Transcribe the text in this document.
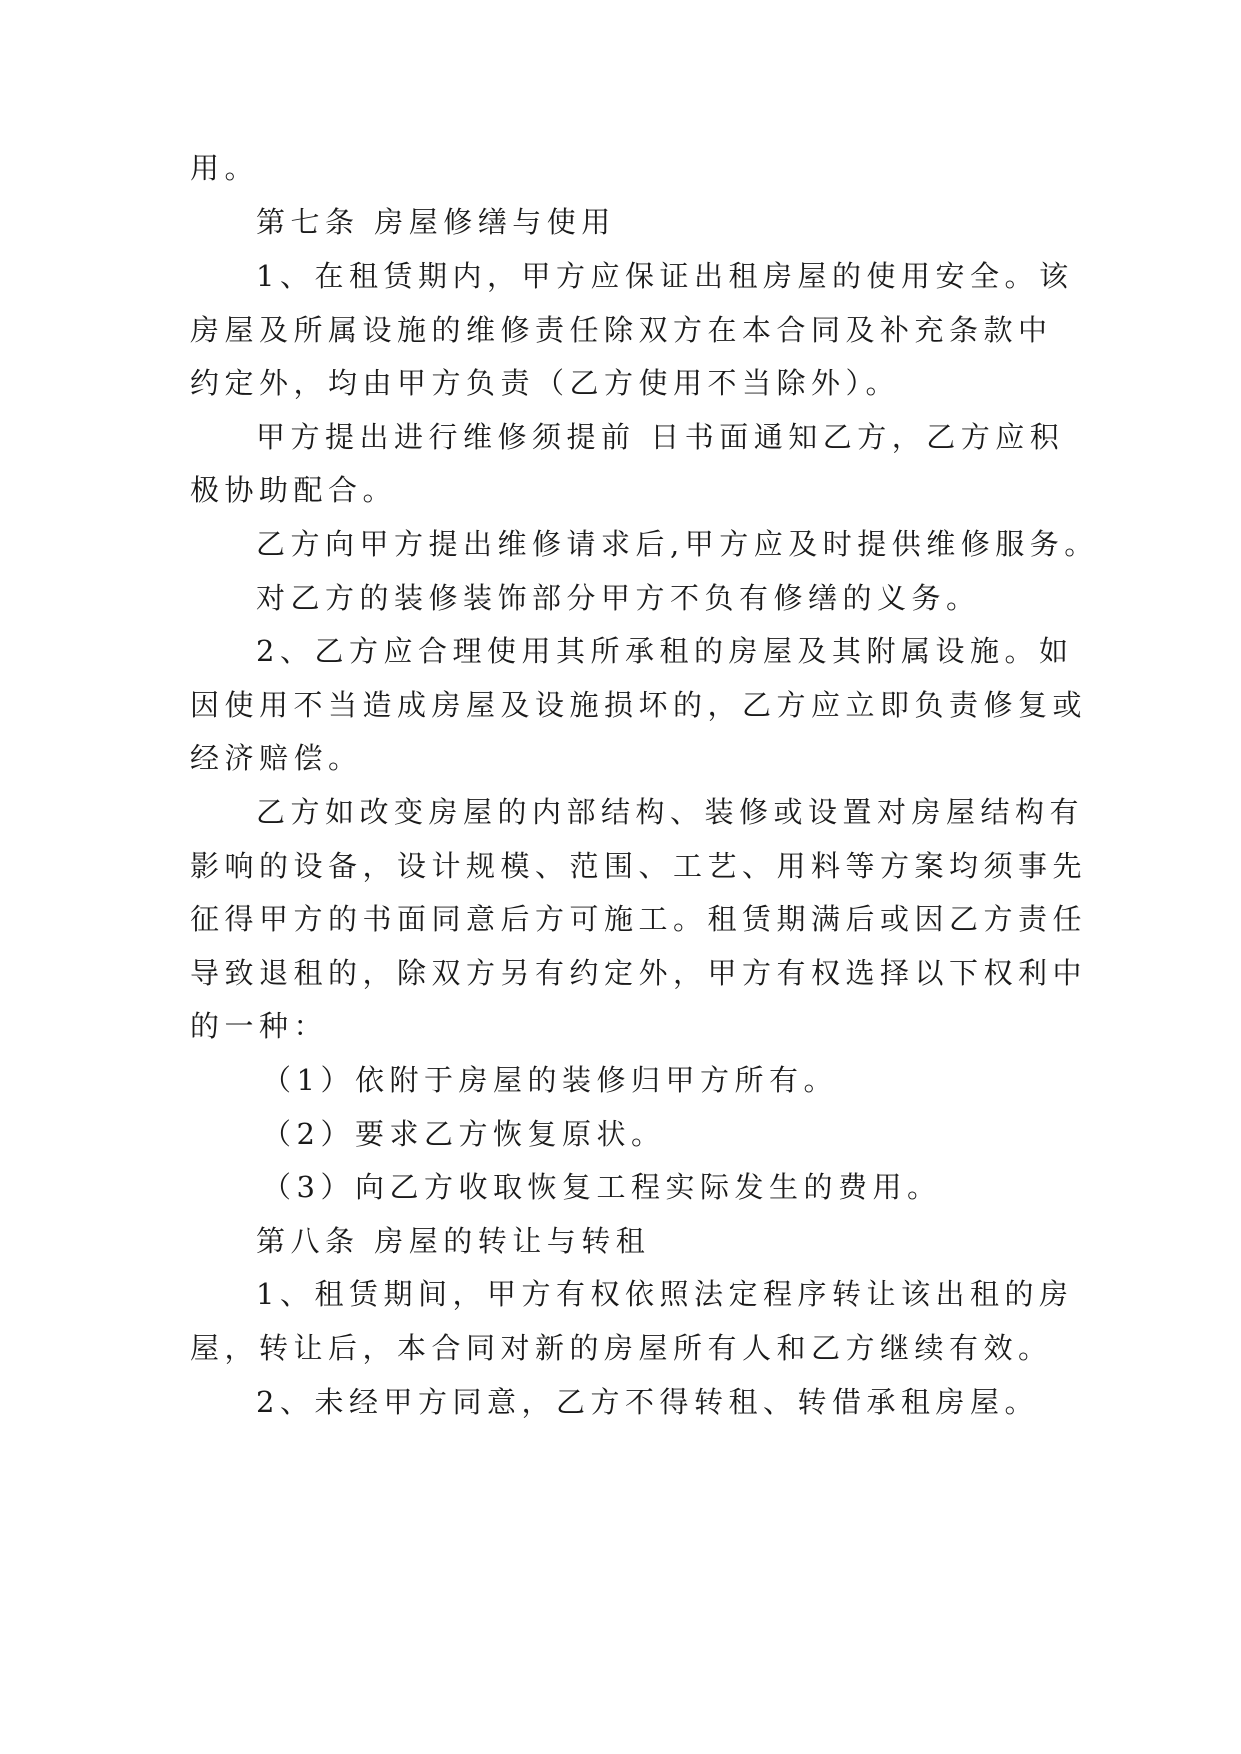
用。
第七条 房屋修缮与使用
1、在租赁期内，甲方应保证出租房屋的使用安全。该
房屋及所属设施的维修责任除双方在本合同及补充条款中
约定外，均由甲方负责（乙方使用不当除外）。
甲方提出进行维修须提前 日书面通知乙方，乙方应积
极协助配合。
乙方向甲方提出维修请求后,甲方应及时提供维修服务。
对乙方的装修装饰部分甲方不负有修缮的义务。
2、乙方应合理使用其所承租的房屋及其附属设施。如
因使用不当造成房屋及设施损坏的，乙方应立即负责修复或
经济赔偿。
乙方如改变房屋的内部结构、装修或设置对房屋结构有
影响的设备，设计规模、范围、工艺、用料等方案均须事先
征得甲方的书面同意后方可施工。租赁期满后或因乙方责任
导致退租的，除双方另有约定外，甲方有权选择以下权利中
的一种：
（1）依附于房屋的装修归甲方所有。
（2）要求乙方恢复原状。
（3）向乙方收取恢复工程实际发生的费用。
第八条 房屋的转让与转租
1、租赁期间，甲方有权依照法定程序转让该出租的房
屋，转让后，本合同对新的房屋所有人和乙方继续有效。
2、未经甲方同意，乙方不得转租、转借承租房屋。
